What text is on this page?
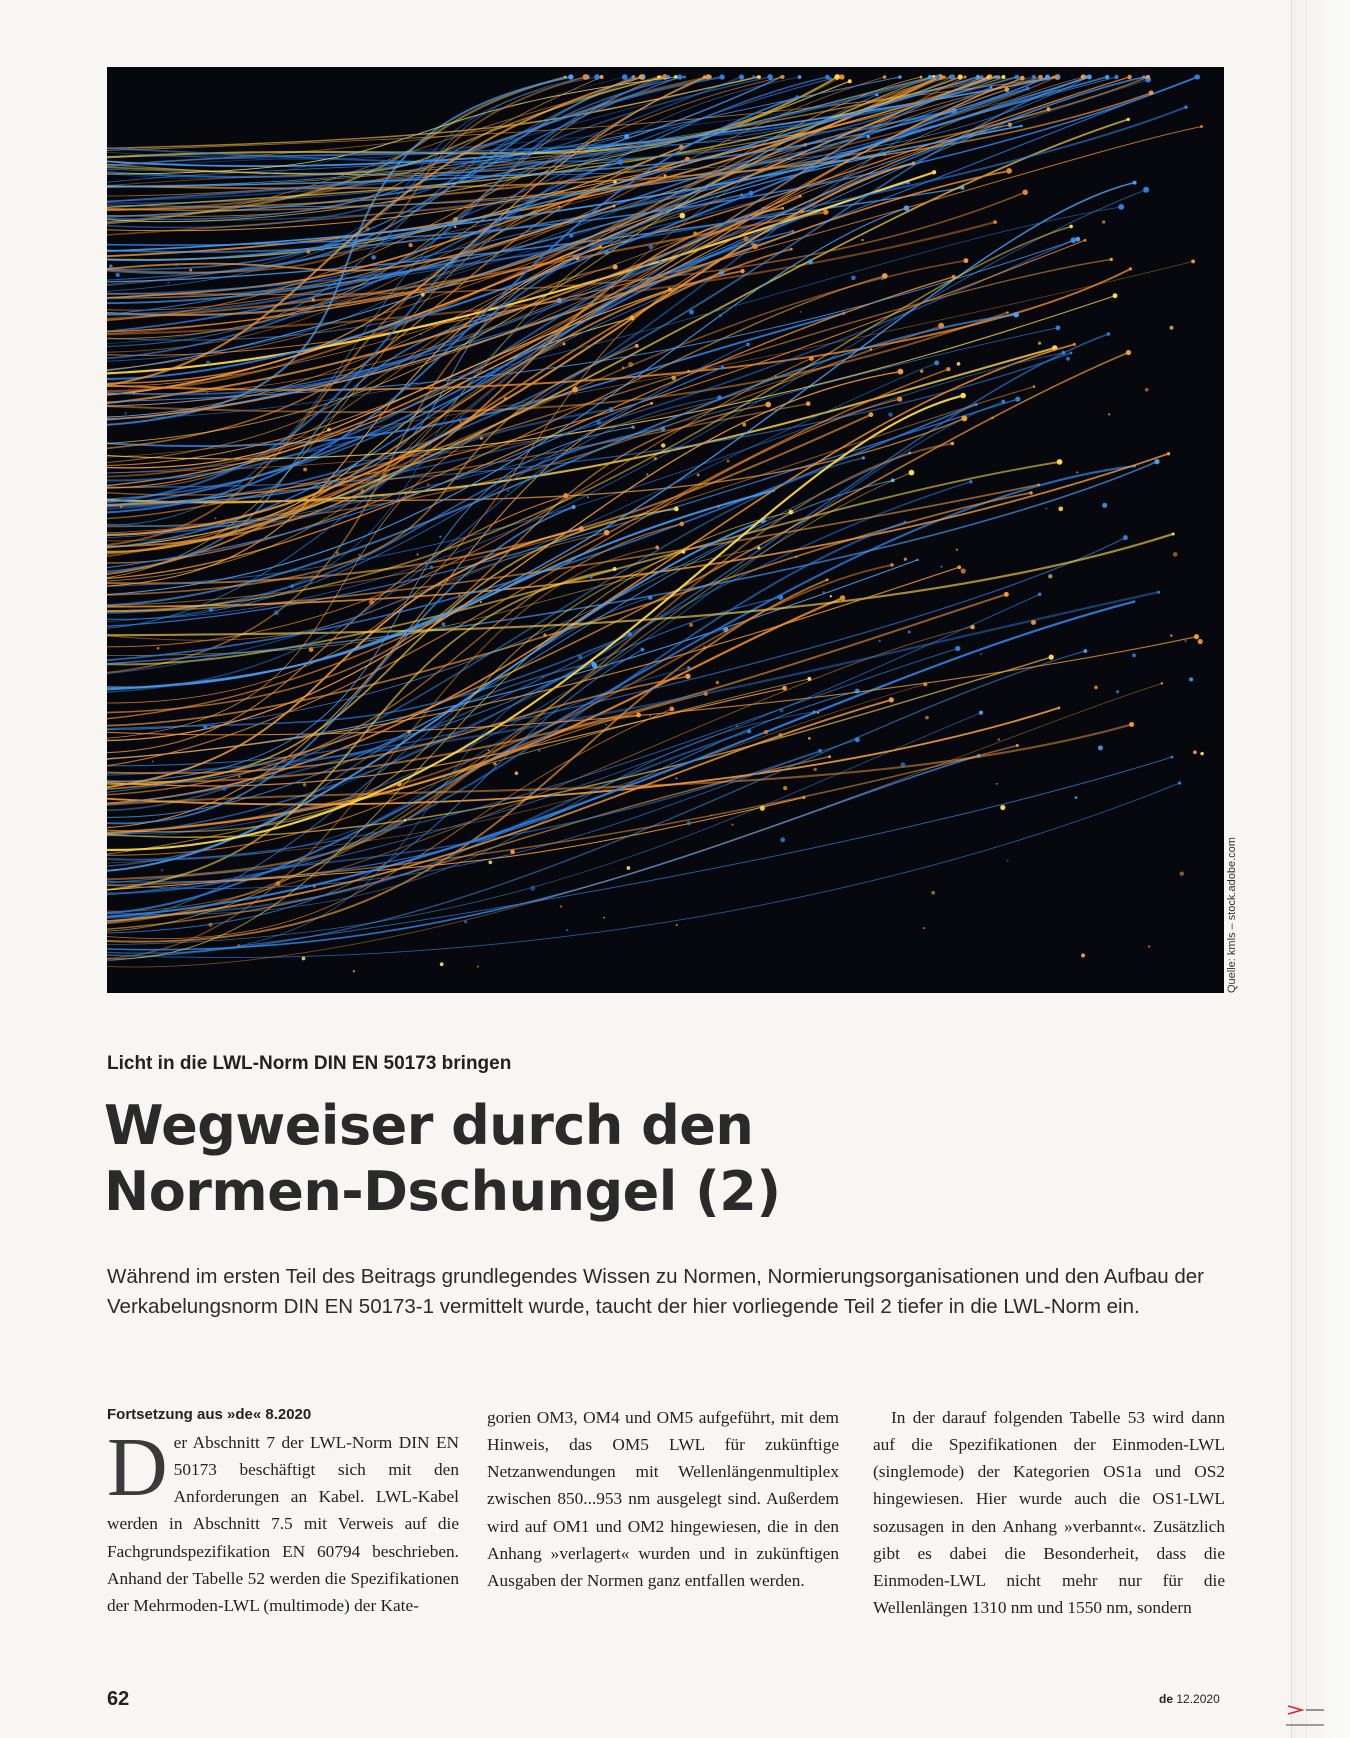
Quelle: kmls – stock.adobe.com
Licht in die LWL-Norm DIN EN 50173 bringen
Wegweiser durch den
Normen-Dschungel (2)

Während im ersten Teil des Beitrags grundlegendes Wissen zu Normen, Normierungsorganisationen und den Aufbau der Verkabelungsnorm DIN EN 50173-1 vermittelt wurde, taucht der hier vorliegende Teil 2 tiefer in die LWL-Norm ein.

Fortsetzung aus »de« 8.2020

Der Abschnitt 7 der LWL-Norm DIN EN 50173 beschäftigt sich mit den Anforderungen an Kabel. LWL-Kabel werden in Abschnitt 7.5 mit Verweis auf die Fachgrundspezifikation EN 60794 beschrieben. Anhand der Tabelle 52 werden die Spezifikationen der Mehrmoden-LWL (multimode) der Kate-

gorien OM3, OM4 und OM5 aufgeführt, mit dem Hinweis, das OM5 LWL für zukünftige Netzanwendungen mit Wellenlängenmultiplex zwischen 850...953 nm ausgelegt sind. Außerdem wird auf OM1 und OM2 hingewiesen, die in den Anhang »verlagert« wurden und in zukünftigen Ausgaben der Normen ganz entfallen werden.

In der darauf folgenden Tabelle 53 wird dann auf die Spezifikationen der Einmoden-LWL (singlemode) der Kategorien OS1a und OS2 hingewiesen. Hier wurde auch die OS1-LWL sozusagen in den Anhang »verbannt«. Zusätzlich gibt es dabei die Besonderheit, dass die Einmoden-LWL nicht mehr nur für die Wellenlängen 1310 nm und 1550 nm, sondern

62	de 12.2020
